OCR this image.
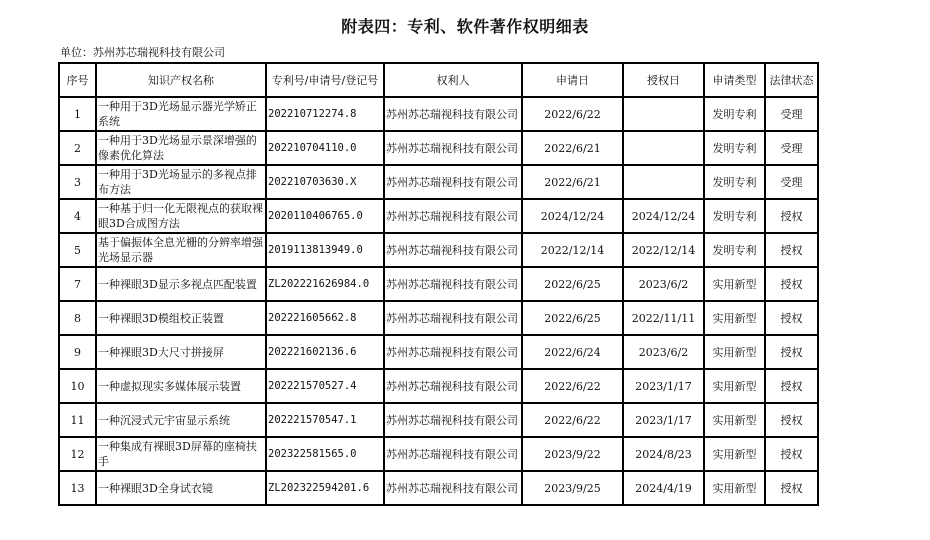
附表四：专利、软件著作权明细表
单位：苏州苏芯瑞视科技有限公司
序号	知识产权名称	专利号/申请号/登记号	权利人	申请日	授权日	申请类型	法律状态
1	一种用于3D光场显示器光学矫正系统	202210712274.8	苏州苏芯瑞视科技有限公司	2022/6/22		发明专利	受理
2	一种用于3D光场显示景深增强的像素优化算法	202210704110.0	苏州苏芯瑞视科技有限公司	2022/6/21		发明专利	受理
3	一种用于3D光场显示的多视点排布方法	202210703630.X	苏州苏芯瑞视科技有限公司	2022/6/21		发明专利	受理
4	一种基于归一化无限视点的获取裸眼3D合成图方法	2020110406765.0	苏州苏芯瑞视科技有限公司	2024/12/24	2024/12/24	发明专利	授权
5	基于偏振体全息光栅的分辨率增强光场显示器	2019113813949.0	苏州苏芯瑞视科技有限公司	2022/12/14	2022/12/14	发明专利	授权
7	一种裸眼3D显示多视点匹配装置	ZL202221626984.0	苏州苏芯瑞视科技有限公司	2022/6/25	2023/6/2	实用新型	授权
8	一种裸眼3D模组校正装置	202221605662.8	苏州苏芯瑞视科技有限公司	2022/6/25	2022/11/11	实用新型	授权
9	一种裸眼3D大尺寸拼接屏	202221602136.6	苏州苏芯瑞视科技有限公司	2022/6/24	2023/6/2	实用新型	授权
10	一种虚拟现实多媒体展示装置	202221570527.4	苏州苏芯瑞视科技有限公司	2022/6/22	2023/1/17	实用新型	授权
11	一种沉浸式元宇宙显示系统	202221570547.1	苏州苏芯瑞视科技有限公司	2022/6/22	2023/1/17	实用新型	授权
12	一种集成有裸眼3D屏幕的座椅扶手	202322581565.0	苏州苏芯瑞视科技有限公司	2023/9/22	2024/8/23	实用新型	授权
13	一种裸眼3D全身试衣镜	ZL202322594201.6	苏州苏芯瑞视科技有限公司	2023/9/25	2024/4/19	实用新型	授权
